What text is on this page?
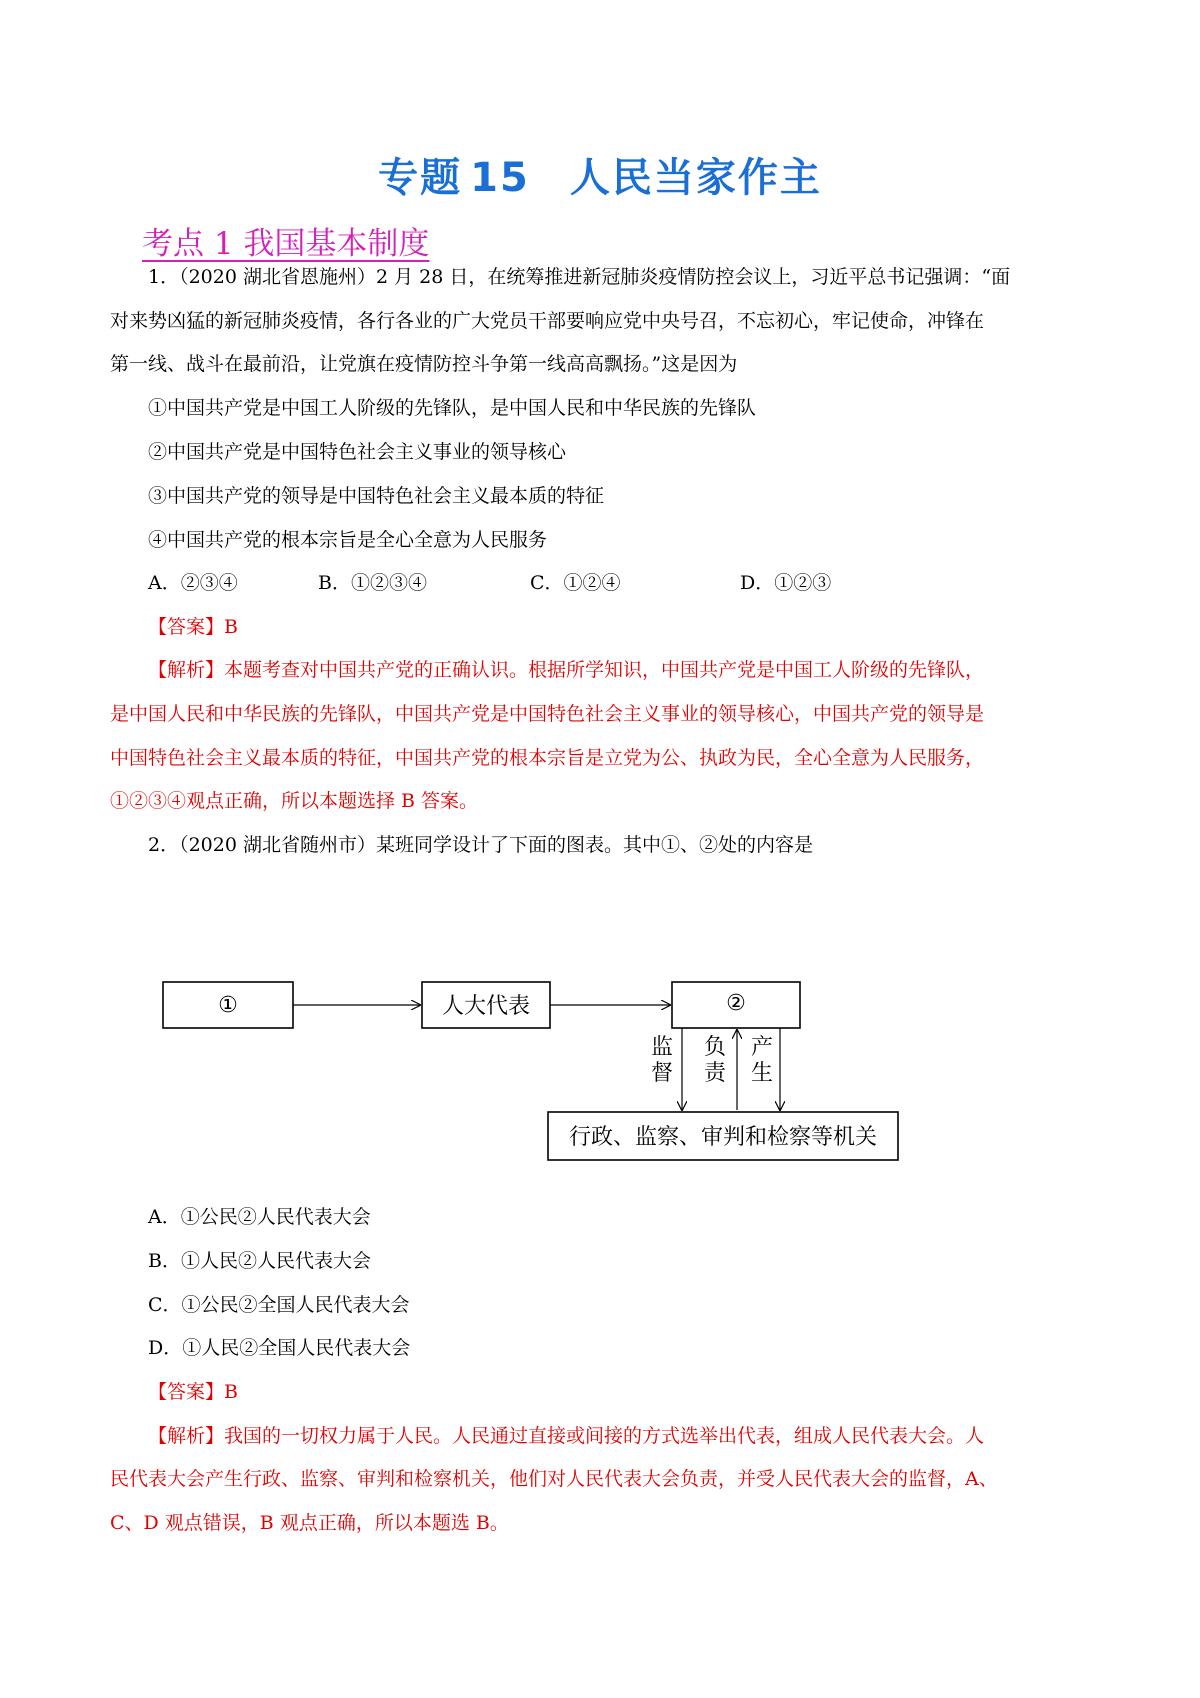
专题 15 人民当家作主
考点 1 我国基本制度
1．（2020 湖北省恩施州）2 月 28 日，在统筹推进新冠肺炎疫情防控会议上，习近平总书记强调：“面
对来势凶猛的新冠肺炎疫情，各行各业的广大党员干部要响应党中央号召，不忘初心，牢记使命，冲锋在
第一线、战斗在最前沿，让党旗在疫情防控斗争第一线高高飘扬。”这是因为
①中国共产党是中国工人阶级的先锋队，是中国人民和中华民族的先锋队
②中国共产党是中国特色社会主义事业的领导核心
③中国共产党的领导是中国特色社会主义最本质的特征
④中国共产党的根本宗旨是全心全意为人民服务
A．②③④	B．①②③④	C．①②④	D．①②③
【答案】B
【解析】本题考查对中国共产党的正确认识。根据所学知识，中国共产党是中国工人阶级的先锋队，
是中国人民和中华民族的先锋队，中国共产党是中国特色社会主义事业的领导核心，中国共产党的领导是
中国特色社会主义最本质的特征，中国共产党的根本宗旨是立党为公、执政为民，全心全意为人民服务，
①②③④观点正确，所以本题选择 B 答案。
2．（2020 湖北省随州市）某班同学设计了下面的图表。其中①、②处的内容是
①	人大代表	②
行政、监察、审判和检察等机关
监
督
负
责
产
生
A．①公民②人民代表大会
B．①人民②人民代表大会
C．①公民②全国人民代表大会
D．①人民②全国人民代表大会
【答案】B
【解析】我国的一切权力属于人民。人民通过直接或间接的方式选举出代表，组成人民代表大会。人
民代表大会产生行政、监察、审判和检察机关，他们对人民代表大会负责，并受人民代表大会的监督，A、
C、D 观点错误，B 观点正确，所以本题选 B。
